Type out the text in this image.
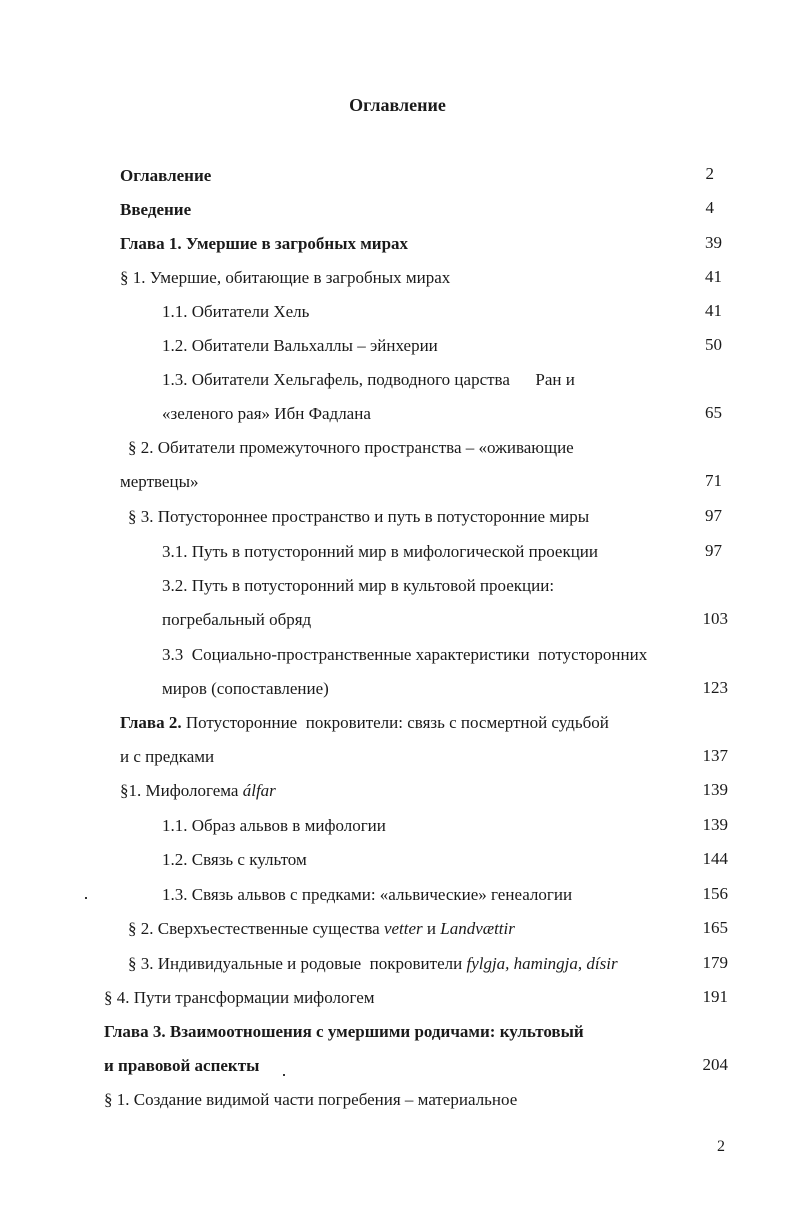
Оглавление
Оглавление	2
Введение	4
Глава 1. Умершие в загробных мирах	39
§ 1. Умершие, обитающие в загробных мирах	41
1.1. Обитатели Хель	41
1.2. Обитатели Вальхаллы – эйнхерии	50
1.3. Обитатели Хельгафель, подводного царства      Ран и
«зеленого рая» Ибн Фадлана	65
§ 2. Обитатели промежуточного пространства – «оживающие
мертвецы»	71
§ 3. Потустороннее пространство и путь в потусторонние миры	97
3.1. Путь в потусторонний мир в мифологической проекции	97
3.2. Путь в потусторонний мир в культовой проекции:
погребальный обряд	103
3.3  Социально-пространственные характеристики  потусторонних
миров (сопоставление)	123
Глава 2. Потусторонние  покровители: связь с посмертной судьбой
и с предками	137
§1. Мифологема álfar	139
1.1. Образ альвов в мифологии	139
1.2. Связь с культом	144
1.3. Связь альвов с предками: «альвические» генеалогии	156
§ 2. Сверхъестественные существа vetter и Landvættir	165
§ 3. Индивидуальные и родовые  покровители fylgja, hamingja, dísir	179
§ 4. Пути трансформации мифологем	191
Глава 3. Взаимоотношения с умершими родичами: культовый
и правовой аспекты	204
§ 1. Создание видимой части погребения – материальное
2
